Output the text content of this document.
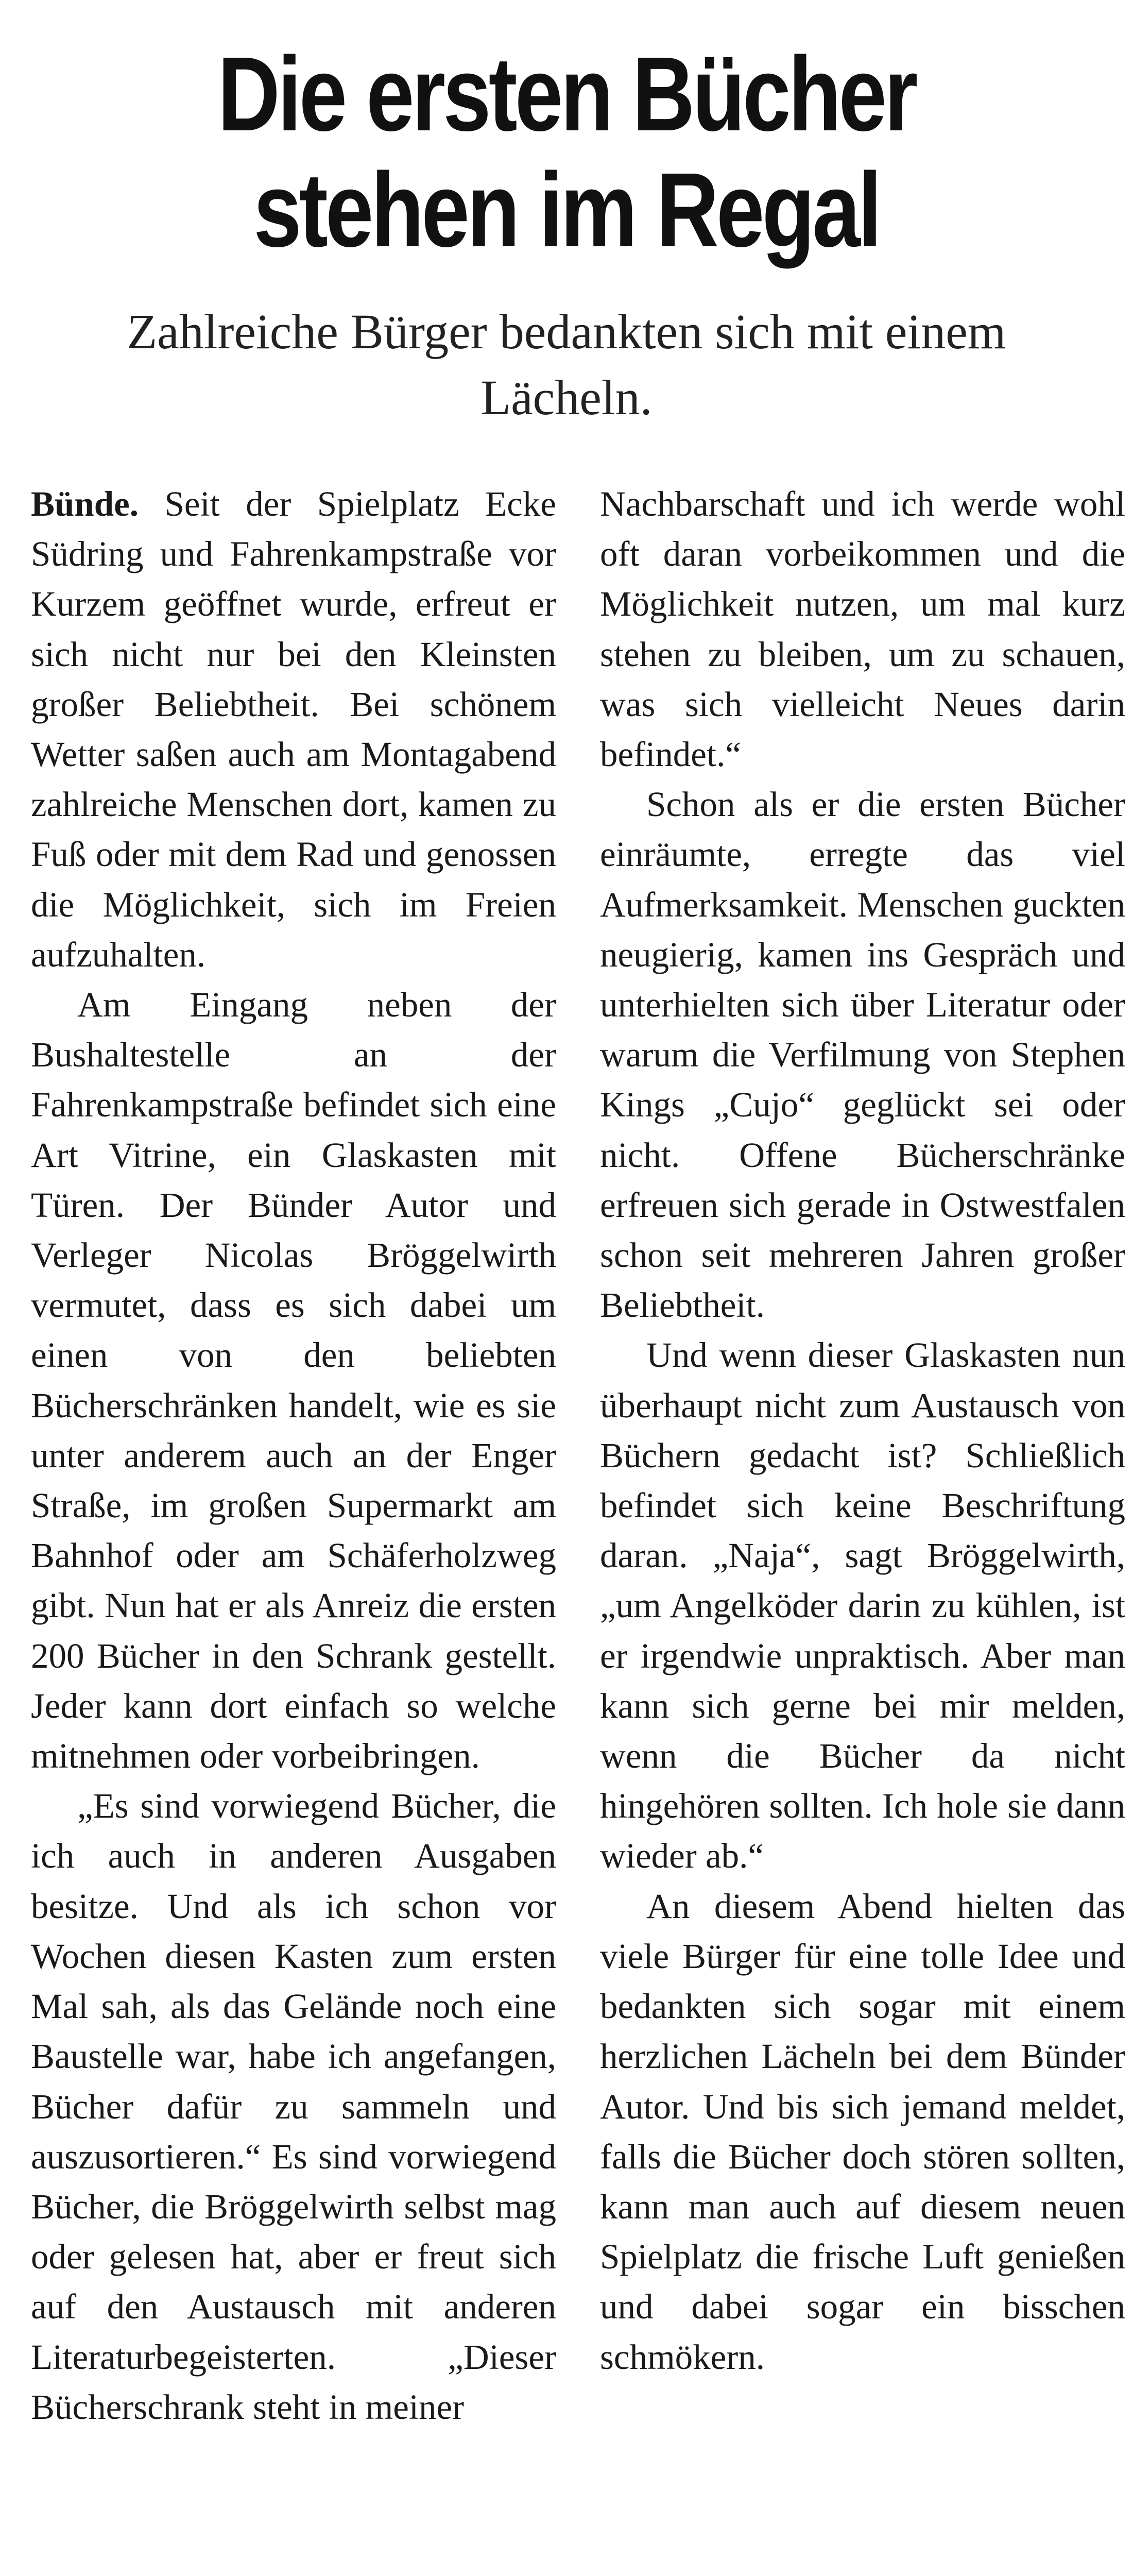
Die ersten Bücher
stehen im Regal
Zahlreiche Bürger bedankten sich mit einem Lächeln.

Bünde. Seit der Spielplatz Ecke Südring und Fahrenkampstraße vor Kurzem geöffnet wurde, erfreut er sich nicht nur bei den Kleinsten großer Beliebtheit. Bei schönem Wetter saßen auch am Montagabend zahlreiche Menschen dort, kamen zu Fuß oder mit dem Rad und genossen die Möglichkeit, sich im Freien aufzuhalten.

Am Eingang neben der Bushaltestelle an der Fahrenkampstraße befindet sich eine Art Vitrine, ein Glaskasten mit Türen. Der Bünder Autor und Verleger Nicolas Bröggelwirth vermutet, dass es sich dabei um einen von den beliebten Bücherschränken handelt, wie es sie unter anderem auch an der Enger Straße, im großen Supermarkt am Bahnhof oder am Schäferholzweg gibt. Nun hat er als Anreiz die ersten 200 Bücher in den Schrank gestellt. Jeder kann dort einfach so welche mitnehmen oder vorbeibringen.

„Es sind vorwiegend Bücher, die ich auch in anderen Ausgaben besitze. Und als ich schon vor Wochen diesen Kasten zum ersten Mal sah, als das Gelände noch eine Baustelle war, habe ich angefangen, Bücher dafür zu sammeln und auszusortieren.“ Es sind vorwiegend Bücher, die Bröggelwirth selbst mag oder gelesen hat, aber er freut sich auf den Austausch mit anderen Literaturbegeisterten. „Dieser Bücherschrank steht in meiner

Nachbarschaft und ich werde wohl oft daran vorbeikommen und die Möglichkeit nutzen, um mal kurz stehen zu bleiben, um zu schauen, was sich vielleicht Neues darin befindet.“

Schon als er die ersten Bücher einräumte, erregte das viel Aufmerksamkeit. Menschen guckten neugierig, kamen ins Gespräch und unterhielten sich über Literatur oder warum die Verfilmung von Stephen Kings „Cujo“ geglückt sei oder nicht. Offene Bücherschränke erfreuen sich gerade in Ostwestfalen schon seit mehreren Jahren großer Beliebtheit.

Und wenn dieser Glaskasten nun überhaupt nicht zum Austausch von Büchern gedacht ist? Schließlich befindet sich keine Beschriftung daran. „Naja“, sagt Bröggelwirth, „um Angelköder darin zu kühlen, ist er irgendwie unpraktisch. Aber man kann sich gerne bei mir melden, wenn die Bücher da nicht hingehören sollten. Ich hole sie dann wieder ab.“

An diesem Abend hielten das viele Bürger für eine tolle Idee und bedankten sich sogar mit einem herzlichen Lächeln bei dem Bünder Autor. Und bis sich jemand meldet, falls die Bücher doch stören sollten, kann man auch auf diesem neuen Spielplatz die frische Luft genießen und dabei sogar ein bisschen schmökern.
